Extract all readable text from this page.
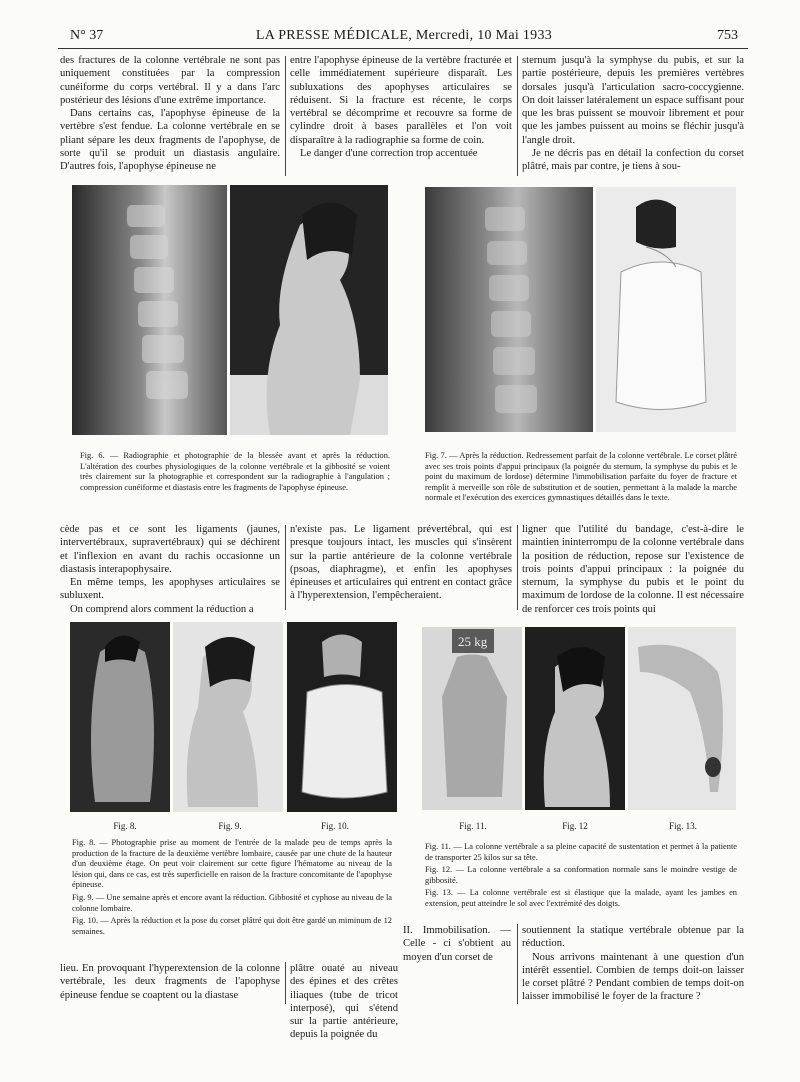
N° 37	LA PRESSE MÉDICALE, Mercredi, 10 Mai 1933	753

des fractures de la colonne vertébrale ne sont pas uniquement constituées par la compression cunéiforme du corps vertébral. Il y a dans l'arc postérieur des lésions d'une extrême importance.

Dans certains cas, l'apophyse épineuse de la vertèbre s'est fendue. La colonne vertébrale en se pliant sépare les deux fragments de l'apophyse, de sorte qu'il se produit un diastasis angulaire. D'autres fois, l'apophyse épineuse ne

entre l'apophyse épineuse de la vertèbre fracturée et celle immédiatement supérieure disparaît. Les subluxations des apophyses articulaires se réduisent. Si la fracture est récente, le corps vertébral se décomprime et recouvre sa forme de cylindre droit à bases parallèles et l'on voit disparaître à la radiographie sa forme de coin.

Le danger d'une correction trop accentuée

sternum jusqu'à la symphyse du pubis, et sur la partie postérieure, depuis les premières vertèbres dorsales jusqu'à l'articulation sacro-coccygienne. On doit laisser latéralement un espace suffisant pour que les bras puissent se mouvoir librement et pour que les jambes puissent au moins se fléchir jusqu'à l'angle droit.

Je ne décris pas en détail la confection du corset plâtré, mais par contre, je tiens à sou-

Fig. 6. — Radiographie et photographie de la blessée avant et après la réduction. L'altération des courbes physiologiques de la colonne vertébrale et la gibbosité se voient très clairement sur la photographie et correspondent sur la radiographie à l'angulation ; compression cunéiforme et diastasis entre les fragments de l'apophyse épineuse.
Fig. 7. — Après la réduction. Redressement parfait de la colonne vertébrale. Le corset plâtré avec ses trois points d'appui principaux (la poignée du sternum, la symphyse du pubis et le point du maximum de lordose) détermine l'immobilisation parfaite du foyer de fracture et remplit à merveille son rôle de substitution et de soutien, permettant à la malade la marche normale et l'exécution des exercices gymnastiques détaillés dans le texte.

cède pas et ce sont les ligaments (jaunes, intervertébraux, supravertébraux) qui se déchirent et l'inflexion en avant du rachis occasionne un diastasis interapophysaire.

En même temps, les apophyses articulaires se subluxent.

On comprend alors comment la réduction a

n'existe pas. Le ligament prévertébral, qui est presque toujours intact, les muscles qui s'insèrent sur la partie antérieure de la colonne vertébrale (psoas, diaphragme), et enfin les apophyses épineuses et articulaires qui entrent en contact grâce à l'hyperextension, l'empêcheraient.

ligner que l'utilité du bandage, c'est-à-dire le maintien ininterrompu de la colonne vertébrale dans la position de réduction, repose sur l'existence de trois points d'appui principaux : la poignée du sternum, la symphyse du pubis et le point du maximum de lordose de la colonne. Il est nécessaire de renforcer ces trois points qui

Fig. 8.	Fig. 9.	Fig. 10.
25 kg
Fig. 11.	Fig. 12	Fig. 13.

Fig. 8. — Photographie prise au moment de l'entrée de la malade peu de temps après la production de la fracture de la deuxième vertèbre lombaire, causée par une chute de la hauteur d'un deuxième étage. On peut voir clairement sur cette figure l'hématome au niveau de la lésion qui, dans ce cas, est très superficielle en raison de la fracture concomitante de l'apophyse épineuse.

Fig. 9. — Une semaine après et encore avant la réduction. Gibbosité et cyphose au niveau de la colonne lombaire.

Fig. 10. — Après la réduction et la pose du corset plâtré qui doit être gardé un miminum de 12 semaines.

Fig. 11. — La colonne vertébrale a sa pleine capacité de sustentation et permet à la patiente de transporter 25 kilos sur sa tête.

Fig. 12. — La colonne vertébrale a sa conformation normale sans le moindre vestige de gibbosité.

Fig. 13. — La colonne vertébrale est si élastique que la malade, ayant les jambes en extension, peut atteindre le sol avec l'extrémité des doigts.

lieu. En provoquant l'hyperextension de la colonne vertébrale, les deux fragments de l'apophyse épineuse fendue se coaptent ou la diastase

plâtre ouaté au niveau des épines et des crêtes iliaques (tube de tricot interposé), qui s'étend sur la partie antérieure, depuis la poignée du

II. Immobilisation. — Celle - ci s'obtient au moyen d'un corset de

soutiennent la statique vertébrale obtenue par la réduction.

Nous arrivons maintenant à une question d'un intérêt essentiel. Combien de temps doit-on laisser le corset plâtré ? Pendant combien de temps doit-on laisser immobilisé le foyer de la fracture ?
